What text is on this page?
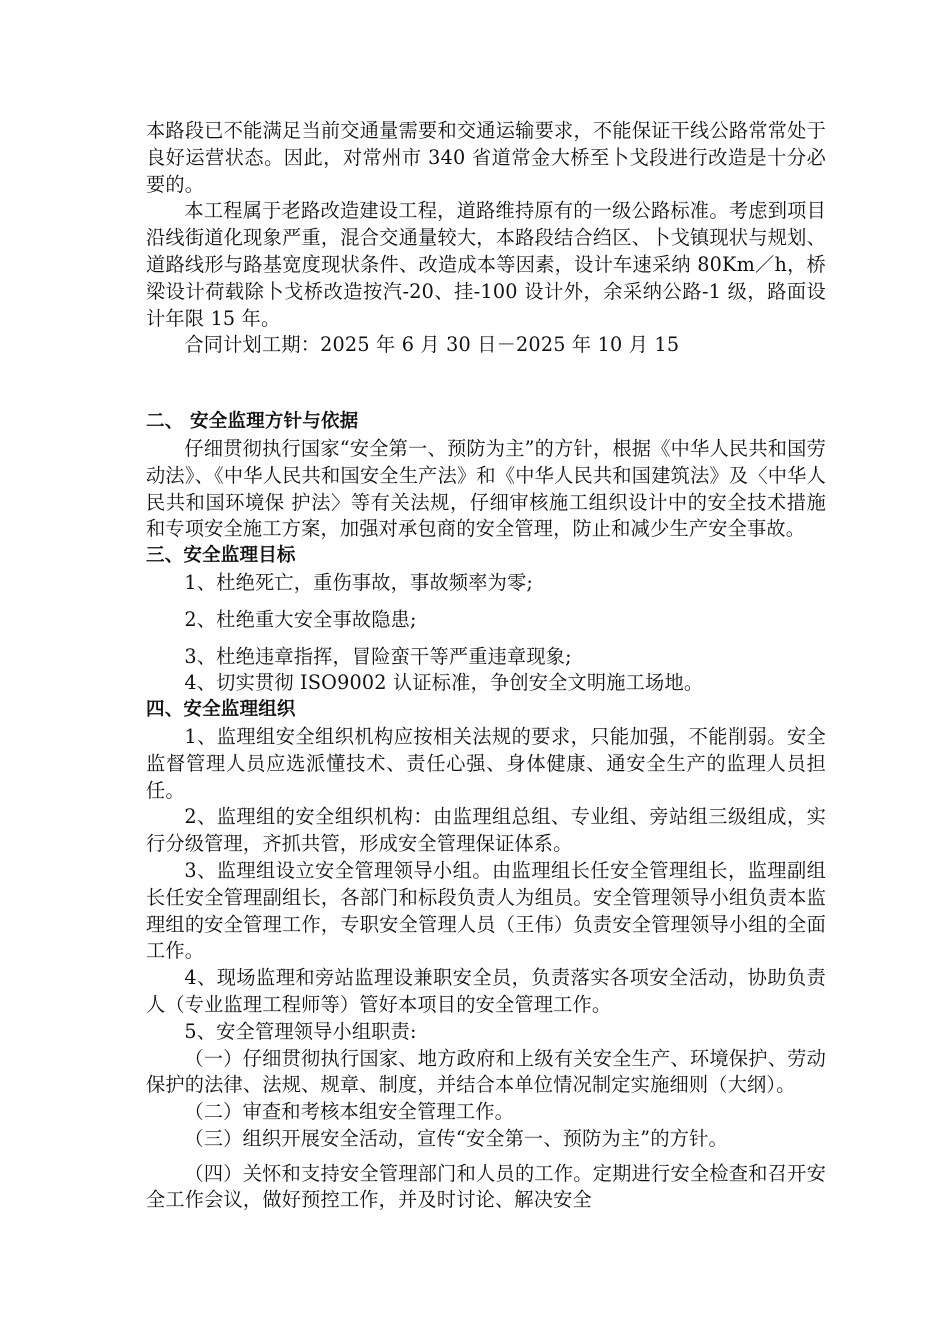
本路段已不能满足当前交通量需要和交通运输要求，不能保证干线公路常常处于良好运营状态。因此，对常州市 340 省道常金大桥至卜戈段进行改造是十分必要的。

本工程属于老路改造建设工程，道路维持原有的一级公路标准。考虑到项目沿线街道化现象严重，混合交通量较大，本路段结合绉区、卜戈镇现状与规划、道路线形与路基宽度现状条件、改造成本等因素，设计车速采纳 80Km／h，桥梁设计荷载除卜戈桥改造按汽-20、挂-100 设计外，余采纳公路-1 级，路面设计年限 15 年。

合同计划工期：2025 年 6 月 30 日－2025 年 10 月 15

二、 安全监理方针与依据

仔细贯彻执行国家“安全第一、预防为主”的方针，根据《中华人民共和国劳动法》、《中华人民共和国安全生产法》和《中华人民共和国建筑法》及〈中华人民共和国环境保 护法〉等有关法规，仔细审核施工组织设计中的安全技术措施和专项安全施工方案，加强对承包商的安全管理，防止和减少生产安全事故。

三、安全监理目标

1、杜绝死亡，重伤事故，事故频率为零;

2、杜绝重大安全事故隐患;

3、杜绝违章指挥，冒险蛮干等严重违章现象;

4、切实贯彻 ISO9002 认证标准，争创安全文明施工场地。

四、安全监理组织

1、监理组安全组织机构应按相关法规的要求，只能加强，不能削弱。安全监督管理人员应选派懂技术、责任心强、身体健康、通安全生产的监理人员担任。

2、监理组的安全组织机构：由监理组总组、专业组、旁站组三级组成，实行分级管理，齐抓共管，形成安全管理保证体系。

3、监理组设立安全管理领导小组。由监理组长任安全管理组长，监理副组长任安全管理副组长，各部门和标段负责人为组员。安全管理领导小组负责本监理组的安全管理工作，专职安全管理人员（王伟）负责安全管理领导小组的全面工作。

4、现场监理和旁站监理设兼职安全员，负责落实各项安全活动，协助负责人（专业监理工程师等）管好本项目的安全管理工作。

5、安全管理领导小组职责:

（一）仔细贯彻执行国家、地方政府和上级有关安全生产、环境保护、劳动保护的法律、法规、规章、制度，并结合本单位情况制定实施细则（大纲）。

（二）审查和考核本组安全管理工作。

（三）组织开展安全活动，宣传“安全第一、预防为主”的方针。

（四）关怀和支持安全管理部门和人员的工作。定期进行安全检查和召开安全工作会议，做好预控工作，并及时讨论、解决安全
